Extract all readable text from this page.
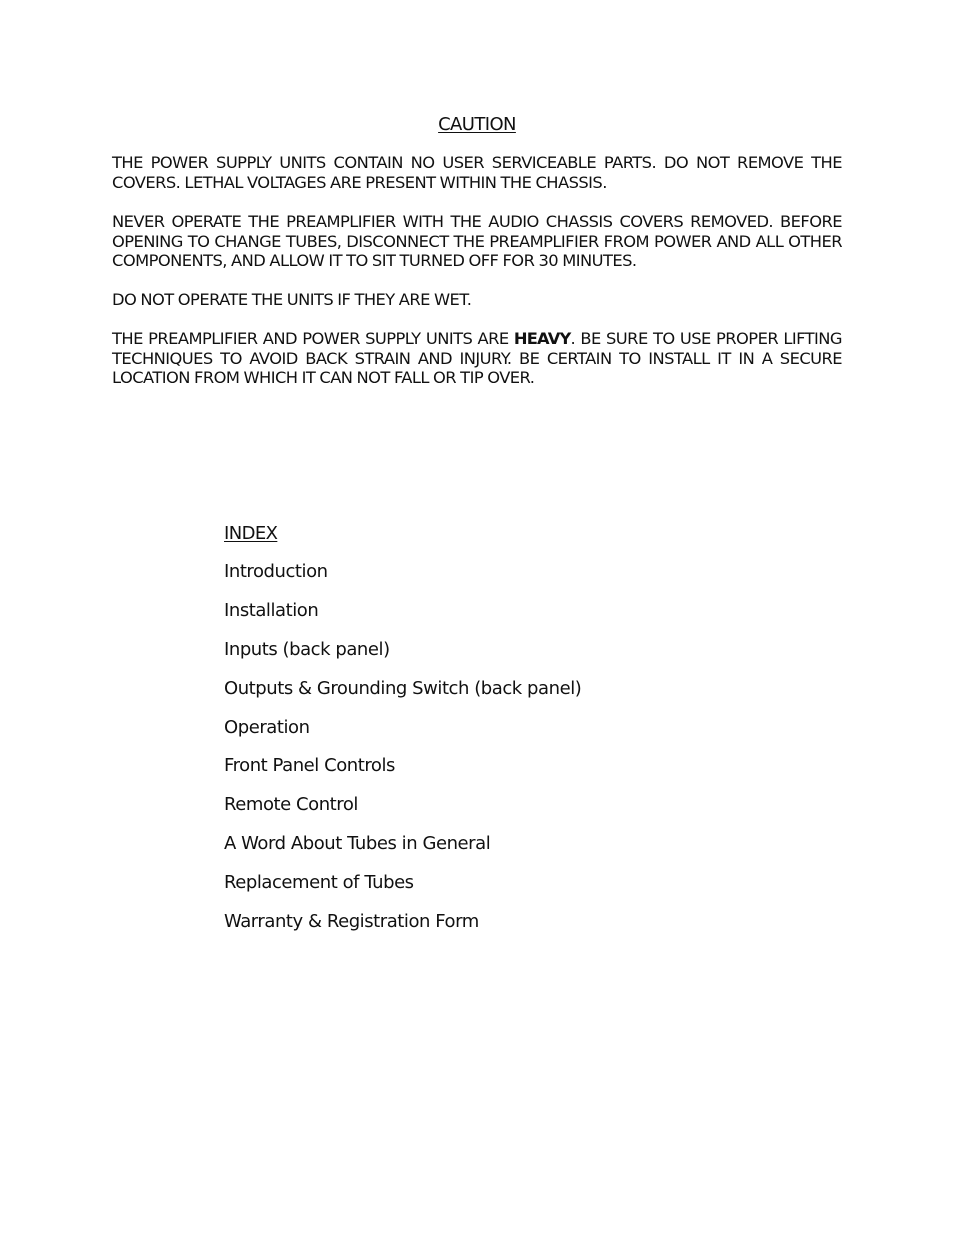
CAUTION

THE POWER SUPPLY UNITS CONTAIN NO USER SERVICEABLE PARTS. DO NOT REMOVE THE COVERS. LETHAL VOLTAGES ARE PRESENT WITHIN THE CHASSIS.

NEVER OPERATE THE PREAMPLIFIER WITH THE AUDIO CHASSIS COVERS REMOVED. BEFORE OPENING TO CHANGE TUBES, DISCONNECT THE PREAMPLIFIER FROM POWER AND ALL OTHER COMPONENTS, AND ALLOW IT TO SIT TURNED OFF FOR 30 MINUTES.

DO NOT OPERATE THE UNITS IF THEY ARE WET.

THE PREAMPLIFIER AND POWER SUPPLY UNITS ARE HEAVY. BE SURE TO USE PROPER LIFTING TECHNIQUES TO AVOID BACK STRAIN AND INJURY. BE CERTAIN TO INSTALL IT IN A SECURE LOCATION FROM WHICH IT CAN NOT FALL OR TIP OVER.

INDEX
Introduction
Installation
Inputs (back panel)
Outputs & Grounding Switch (back panel)
Operation
Front Panel Controls
Remote Control
A Word About Tubes in General
Replacement of Tubes
Warranty & Registration Form
